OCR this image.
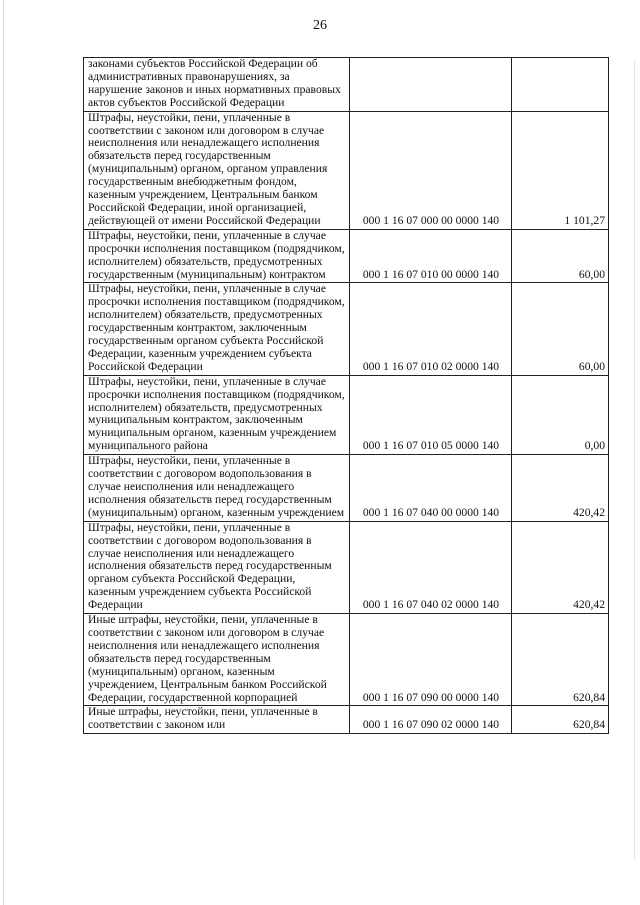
26
законами субъектов Российской Федерации об административных правонарушениях, за нарушение законов и иных нормативных правовых актов субъектов Российской Федерации		
Штрафы, неустойки, пени, уплаченные в соответствии с законом или договором в случае неисполнения или ненадлежащего исполнения обязательств перед государственным (муниципальным) органом, органом управления государственным внебюджетным фондом, казенным учреждением, Центральным банком Российской Федерации, иной организацией, действующей от имени Российской Федерации	000 1 16 07 000 00 0000 140	1 101,27
Штрафы, неустойки, пени, уплаченные в случае просрочки исполнения поставщиком (подрядчиком, исполнителем) обязательств, предусмотренных государственным (муниципальным) контрактом	000 1 16 07 010 00 0000 140	60,00
Штрафы, неустойки, пени, уплаченные в случае просрочки исполнения поставщиком (подрядчиком, исполнителем) обязательств, предусмотренных государственным контрактом, заключенным государственным органом субъекта Российской Федерации, казенным учреждением субъекта Российской Федерации	000 1 16 07 010 02 0000 140	60,00
Штрафы, неустойки, пени, уплаченные в случае просрочки исполнения поставщиком (подрядчиком, исполнителем) обязательств, предусмотренных муниципальным контрактом, заключенным муниципальным органом, казенным учреждением муниципального района	000 1 16 07 010 05 0000 140	0,00
Штрафы, неустойки, пени, уплаченные в соответствии с договором водопользования в случае неисполнения или ненадлежащего исполнения обязательств перед государственным (муниципальным) органом, казенным учреждением	000 1 16 07 040 00 0000 140	420,42
Штрафы, неустойки, пени, уплаченные в соответствии с договором водопользования в случае неисполнения или ненадлежащего исполнения обязательств перед государственным органом субъекта Российской Федерации, казенным учреждением субъекта Российской Федерации	000 1 16 07 040 02 0000 140	420,42
Иные штрафы, неустойки, пени, уплаченные в соответствии с законом или договором в случае неисполнения или ненадлежащего исполнения обязательств перед государственным (муниципальным) органом, казенным учреждением, Центральным банком Российской Федерации, государственной корпорацией	000 1 16 07 090 00 0000 140	620,84
Иные штрафы, неустойки, пени, уплаченные в соответствии с законом или	000 1 16 07 090 02 0000 140	620,84
